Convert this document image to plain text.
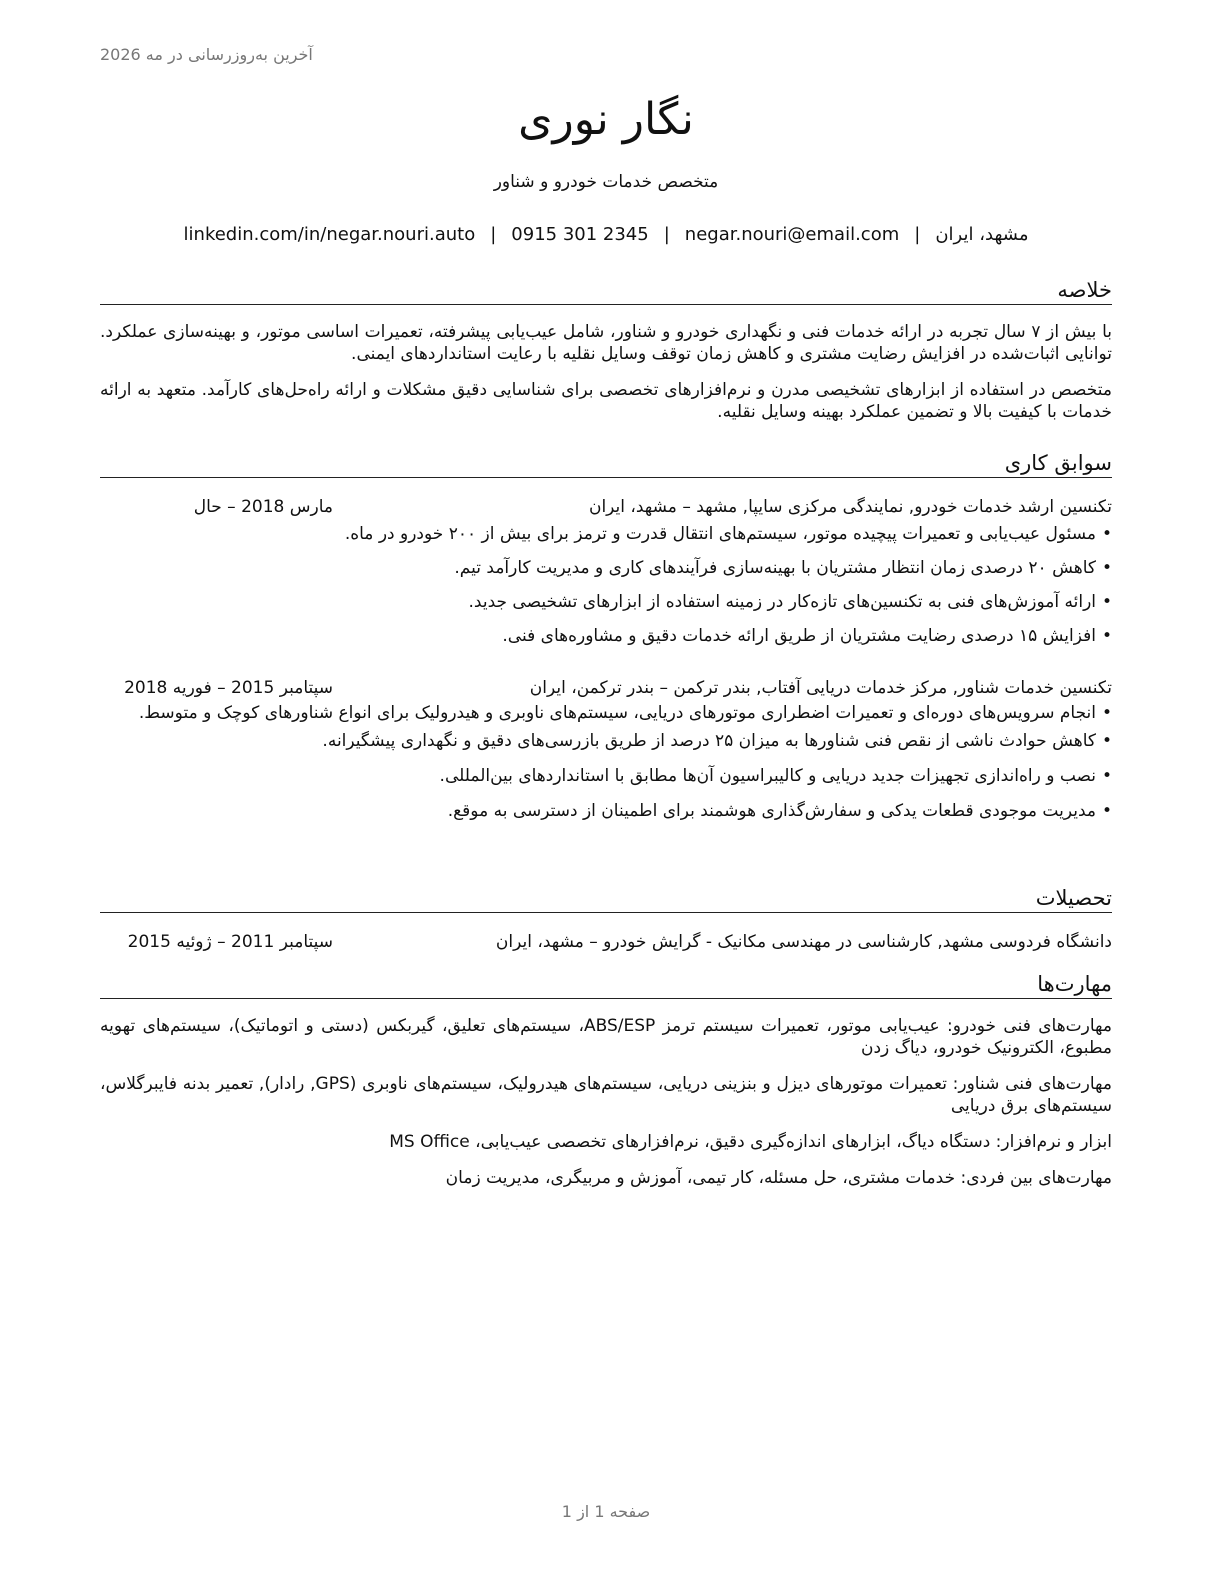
آخرین به‌روزرسانی در مه 2026
نگار نوری
متخصص خدمات خودرو و شناور
مشهد، ایران|negar.nouri@email.com|0915 301 2345|linkedin.com/in/negar.nouri.auto
خلاصه

با بیش از ۷ سال تجربه در ارائه خدمات فنی و نگهداری خودرو و شناور، شامل عیب‌یابی پیشرفته، تعمیرات اساسی موتور، و بهینه‌سازی عملکرد. توانایی اثبات‌شده در افزایش رضایت مشتری و کاهش زمان توقف وسایل نقلیه با رعایت استانداردهای ایمنی.

متخصص در استفاده از ابزارهای تشخیصی مدرن و نرم‌افزارهای تخصصی برای شناسایی دقیق مشکلات و ارائه راه‌حل‌های کارآمد. متعهد به ارائه خدمات با کیفیت بالا و تضمین عملکرد بهینه وسایل نقلیه.

سوابق کاری
تکنسین ارشد خدمات خودرو, نمایندگی مرکزی سایپا, مشهد – مشهد، ایران
مارس 2018 – حال
• مسئول عیب‌یابی و تعمیرات پیچیده موتور، سیستم‌های انتقال قدرت و ترمز برای بیش از ۲۰۰ خودرو در ماه.
• کاهش ۲۰ درصدی زمان انتظار مشتریان با بهینه‌سازی فرآیندهای کاری و مدیریت کارآمد تیم.
• ارائه آموزش‌های فنی به تکنسین‌های تازه‌کار در زمینه استفاده از ابزارهای تشخیصی جدید.
• افزایش ۱۵ درصدی رضایت مشتریان از طریق ارائه خدمات دقیق و مشاوره‌های فنی.
تکنسین خدمات شناور, مرکز خدمات دریایی آفتاب, بندر ترکمن – بندر ترکمن، ایران
سپتامبر 2015 – فوریه 2018
• انجام سرویس‌های دوره‌ای و تعمیرات اضطراری موتورهای دریایی، سیستم‌های ناوبری و هیدرولیک برای انواع شناورهای کوچک و متوسط.
• کاهش حوادث ناشی از نقص فنی شناورها به میزان ۲۵ درصد از طریق بازرسی‌های دقیق و نگهداری پیشگیرانه.
• نصب و راه‌اندازی تجهیزات جدید دریایی و کالیبراسیون آن‌ها مطابق با استانداردهای بین‌المللی.
• مدیریت موجودی قطعات یدکی و سفارش‌گذاری هوشمند برای اطمینان از دسترسی به موقع.
تحصیلات
دانشگاه فردوسی مشهد, کارشناسی در مهندسی مکانیک - گرایش خودرو – مشهد، ایران
سپتامبر 2011 – ژوئیه 2015
مهارت‌ها

مهارت‌های فنی خودرو: عیب‌یابی موتور، تعمیرات سیستم ترمز ABS/ESP، سیستم‌های تعلیق، گیربکس (دستی و اتوماتیک)، سیستم‌های تهویه مطبوع، الکترونیک خودرو، دیاگ زدن

مهارت‌های فنی شناور: تعمیرات موتورهای دیزل و بنزینی دریایی، سیستم‌های هیدرولیک، سیستم‌های ناوبری (GPS, رادار), تعمیر بدنه فایبرگلاس، سیستم‌های برق دریایی

ابزار و نرم‌افزار: دستگاه دیاگ، ابزارهای اندازه‌گیری دقیق، نرم‌افزارهای تخصصی عیب‌یابی، MS Office

مهارت‌های بین فردی: خدمات مشتری، حل مسئله، کار تیمی، آموزش و مربیگری، مدیریت زمان

صفحه 1 از 1
